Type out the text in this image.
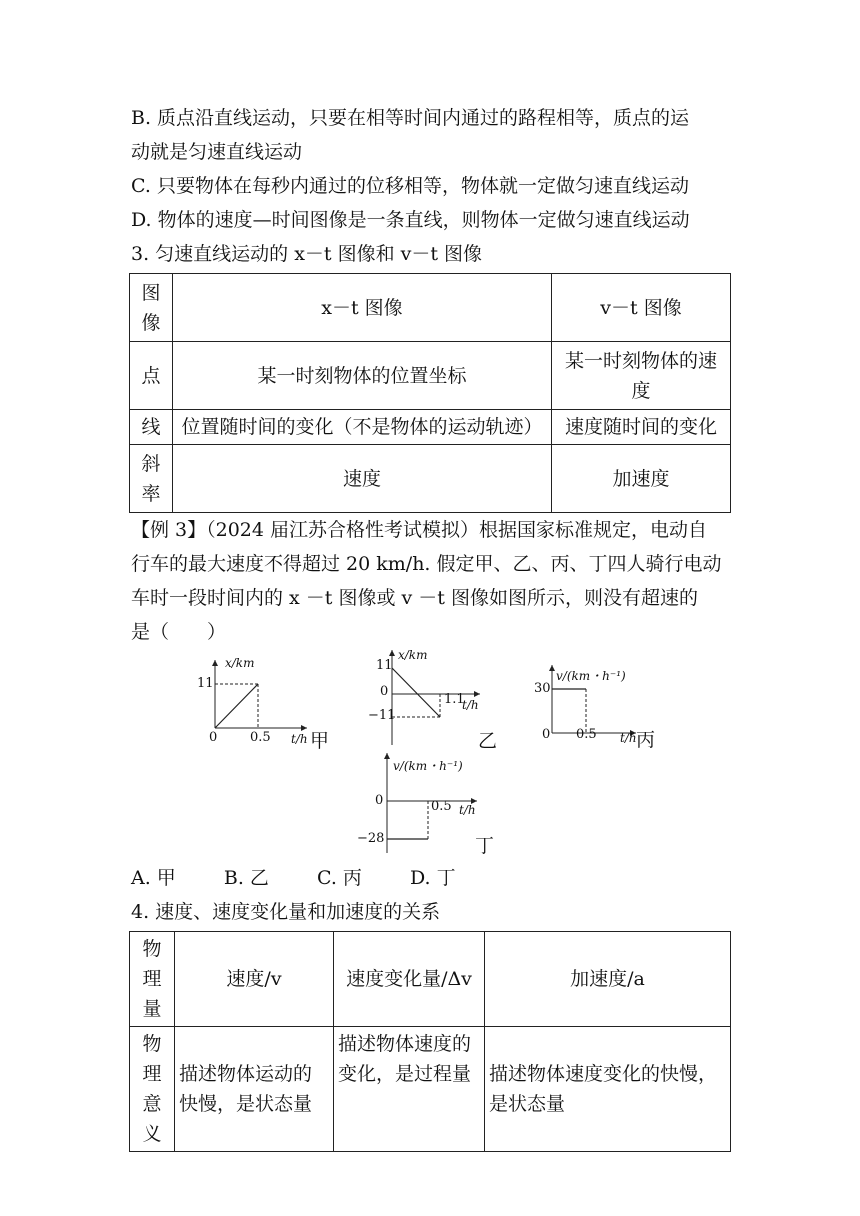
B. 质点沿直线运动，只要在相等时间内通过的路程相等，质点的运
动就是匀速直线运动
C. 只要物体在每秒内通过的位移相等，物体就一定做匀速直线运动
D. 物体的速度—时间图像是一条直线，则物体一定做匀速直线运动
3. 匀速直线运动的 x－t 图像和 v－t 图像
图像	x－t 图像	v－t 图像
点	某一时刻物体的位置坐标	某一时刻物体的速度
线	位置随时间的变化（不是物体的运动轨迹）	速度随时间的变化
斜率	速度	加速度
【例 3】（2024 届江苏合格性考试模拟）根据国家标准规定，电动自
行车的最大速度不得超过 20 km/h. 假定甲、乙、丙、丁四人骑行电动
车时一段时间内的 x －t 图像或 v －t 图像如图所示，则没有超速的
是（　　）
x/km
11
0	0.5 t/h 甲
x/km
11
0
−11
1.1
t/h
乙
v/(km・h⁻¹)
30
0 0.5 t/h 丙
v/(km・h⁻¹)
0	0.5 t/h
−28	丁
A. 甲	B. 乙	C. 丙	D. 丁
4. 速度、速度变化量和加速度的关系
物理量	速度/v	速度变化量/Δv	加速度/a
物理意义	描述物体运动的快慢，是状态量	描述物体速度的变化，是过程量	描述物体速度变化的快慢，是状态量
